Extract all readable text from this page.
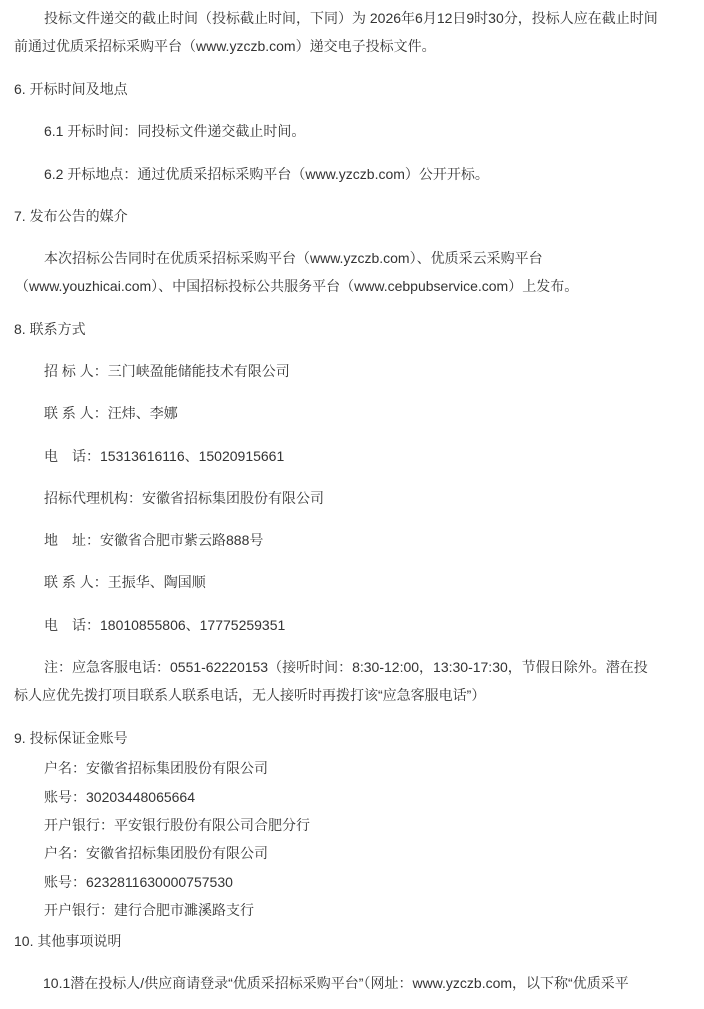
投标文件递交的截止时间（投标截止时间，下同）为 2026年6月12日9时30分，投标人应在截止时间
前通过优质采招标采购平台（www.yzczb.com）递交电子投标文件。
6. 开标时间及地点
6.1 开标时间：同投标文件递交截止时间。
6.2 开标地点：通过优质采招标采购平台（www.yzczb.com）公开开标。
7. 发布公告的媒介
本次招标公告同时在优质采招标采购平台（www.yzczb.com）、优质采云采购平台
（www.youzhicai.com）、中国招标投标公共服务平台（www.cebpubservice.com）上发布。
8. 联系方式
招 标 人：三门峡盈能储能技术有限公司
联 系 人：汪炜、李娜
电　话：15313616116、15020915661
招标代理机构：安徽省招标集团股份有限公司
地　址：安徽省合肥市紫云路888号
联 系 人：王振华、陶国顺
电　话：18010855806、17775259351
注：应急客服电话：0551-62220153（接听时间：8:30-12:00，13:30-17:30，节假日除外。潜在投
标人应优先拨打项目联系人联系电话，无人接听时再拨打该“应急客服电话”）
9. 投标保证金账号
户名：安徽省招标集团股份有限公司
账号：30203448065664
开户银行：平安银行股份有限公司合肥分行
户名：安徽省招标集团股份有限公司
账号：6232811630000757530
开户银行：建行合肥市濉溪路支行
10. 其他事项说明
10.1潜在投标人/供应商请登录“优质采招标采购平台”（网址：www.yzczb.com，以下称“优质采平
